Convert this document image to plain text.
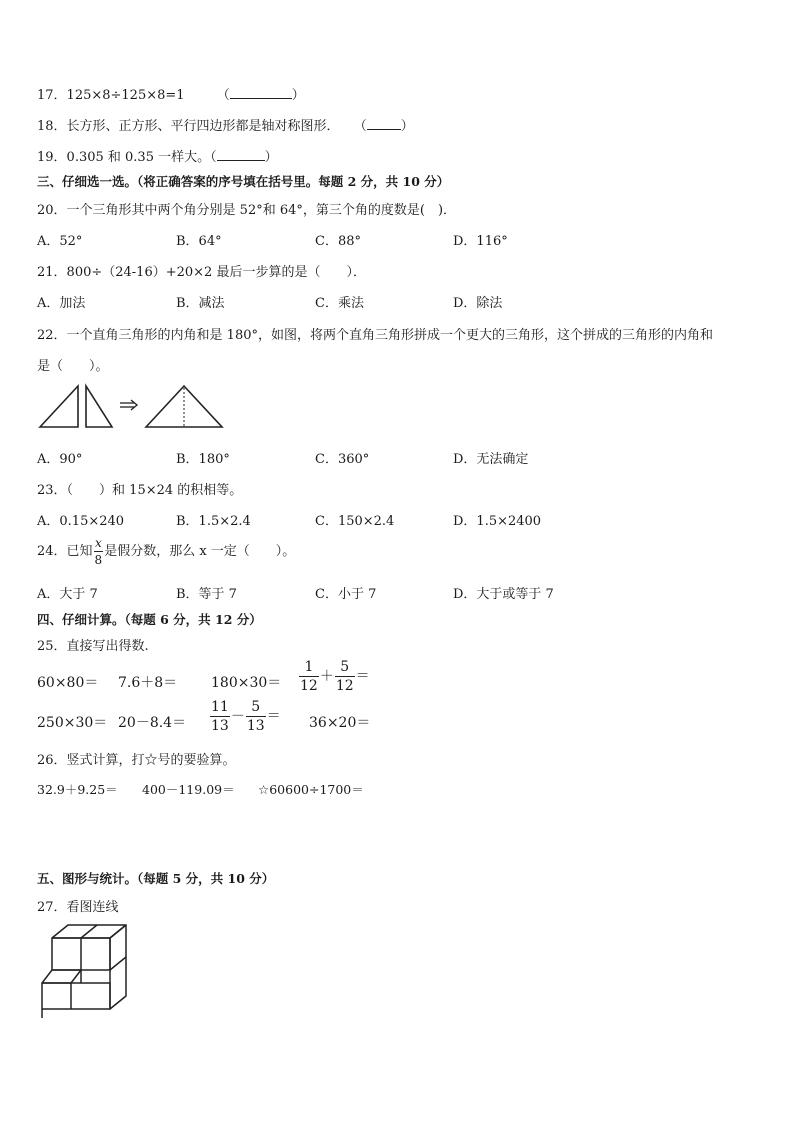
17．125×8÷125×8=1 （	）
18．长方形、正方形、平行四边形都是轴对称图形． （	）
19．0.305 和 0.35 一样大。（	）
三、仔细选一选。（将正确答案的序号填在括号里。每题 2 分，共 10 分）
20．一个三角形其中两个角分别是 52°和 64°，第三个角的度数是(　)．
A．52°	B．64°	C．88°	D．116°
21．800÷（24-16）+20×2 最后一步算的是（　　）．
A．加法	B．减法	C．乘法	D．除法
22．一个直角三角形的内角和是 180°，如图，将两个直角三角形拼成一个更大的三角形，这个拼成的三角形的内角和
是（　　）。
A．90°	B．180°	C．360°	D．无法确定
23．（　　）和 15×24 的积相等。
A．0.15×240	B．1.5×2.4	C．150×2.4	D．1.5×2400
24．已知 $\frac{x}{8}$ 是假分数，那么 x 一定（　　）。
A．大于 7	B．等于 7	C．小于 7	D．大于或等于 7
四、仔细计算。（每题 6 分，共 12 分）
25．直接写出得数.
$60\times 80= 7.6+8= 180\times 30= \frac{1}{12} + \frac{5}{12}$ ＝
$250\times 30= 20-8.4= \frac{11}{13} - \frac{5}{13} = 36\times 20=$
26．竖式计算，打☆号的要验算。
32.9＋9.25＝ 400－119.09＝ ☆60600÷1700＝
五、图形与统计。（每题 5 分，共 10 分）
27．看图连线
